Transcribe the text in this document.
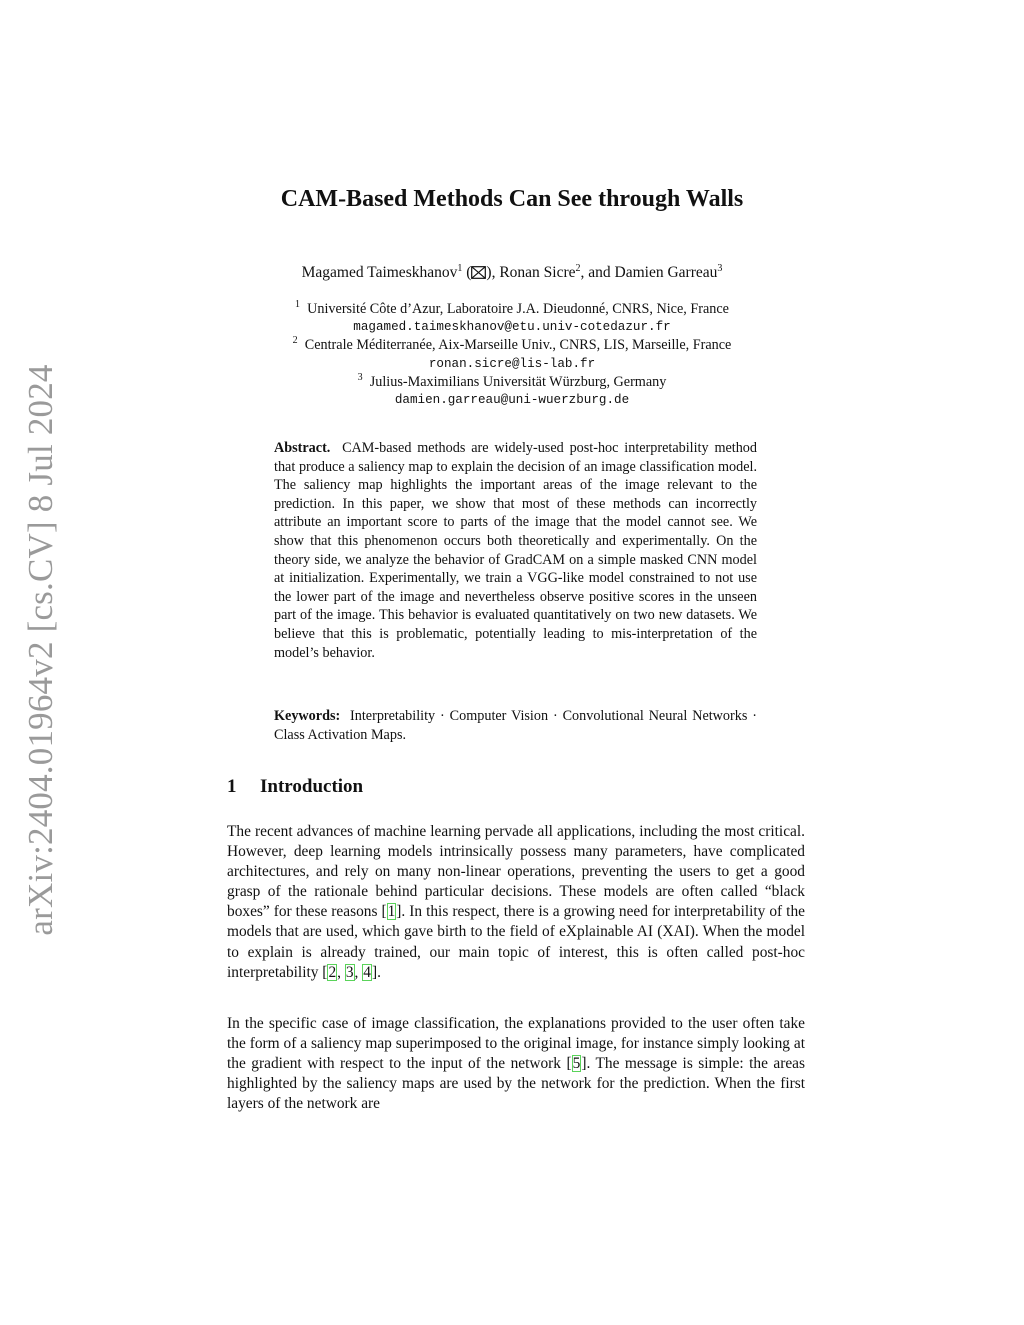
arXiv:2404.01964v2 [cs.CV] 8 Jul 2024
CAM-Based Methods Can See through Walls
Magamed Taimeskhanov$^1$ ( ), Ronan Sicre$^2$, and Damien Garreau$^3$
$^1$ Université Côte d’Azur, Laboratoire J.A. Dieudonné, CNRS, Nice, France
magamed.taimeskhanov@etu.univ-cotedazur.fr
$^2$ Centrale Méditerranée, Aix-Marseille Univ., CNRS, LIS, Marseille, France
ronan.sicre@lis-lab.fr
$^3$ Julius-Maximilians Universität Würzburg, Germany
damien.garreau@uni-wuerzburg.de

Abstract. CAM-based methods are widely-used post-hoc interpretability method that produce a saliency map to explain the decision of an image classification model. The saliency map highlights the important areas of the image relevant to the prediction. In this paper, we show that most of these methods can incorrectly attribute an important score to parts of the image that the model cannot see. We show that this phenomenon occurs both theoretically and experimentally. On the theory side, we analyze the behavior of GradCAM on a simple masked CNN model at initialization. Experimentally, we train a VGG-like model constrained to not use the lower part of the image and nevertheless observe positive scores in the unseen part of the image. This behavior is evaluated quantitatively on two new datasets. We believe that this is problematic, potentially leading to mis-interpretation of the model’s behavior.

Keywords: Interpretability · Computer Vision · Convolutional Neural Networks · Class Activation Maps.

1 Introduction

The recent advances of machine learning pervade all applications, including the most critical. However, deep learning models intrinsically possess many parameters, have complicated architectures, and rely on many non-linear operations, preventing the users to get a good grasp of the rationale behind particular decisions. These models are often called “black boxes” for these reasons [1]. In this respect, there is a growing need for interpretability of the models that are used, which gave birth to the field of eXplainable AI (XAI). When the model to explain is already trained, our main topic of interest, this is often called post-hoc interpretability [2, 3, 4].

In the specific case of image classification, the explanations provided to the user often take the form of a saliency map superimposed to the original image, for instance simply looking at the gradient with respect to the input of the network [5]. The message is simple: the areas highlighted by the saliency maps are used by the network for the prediction. When the first layers of the network are
